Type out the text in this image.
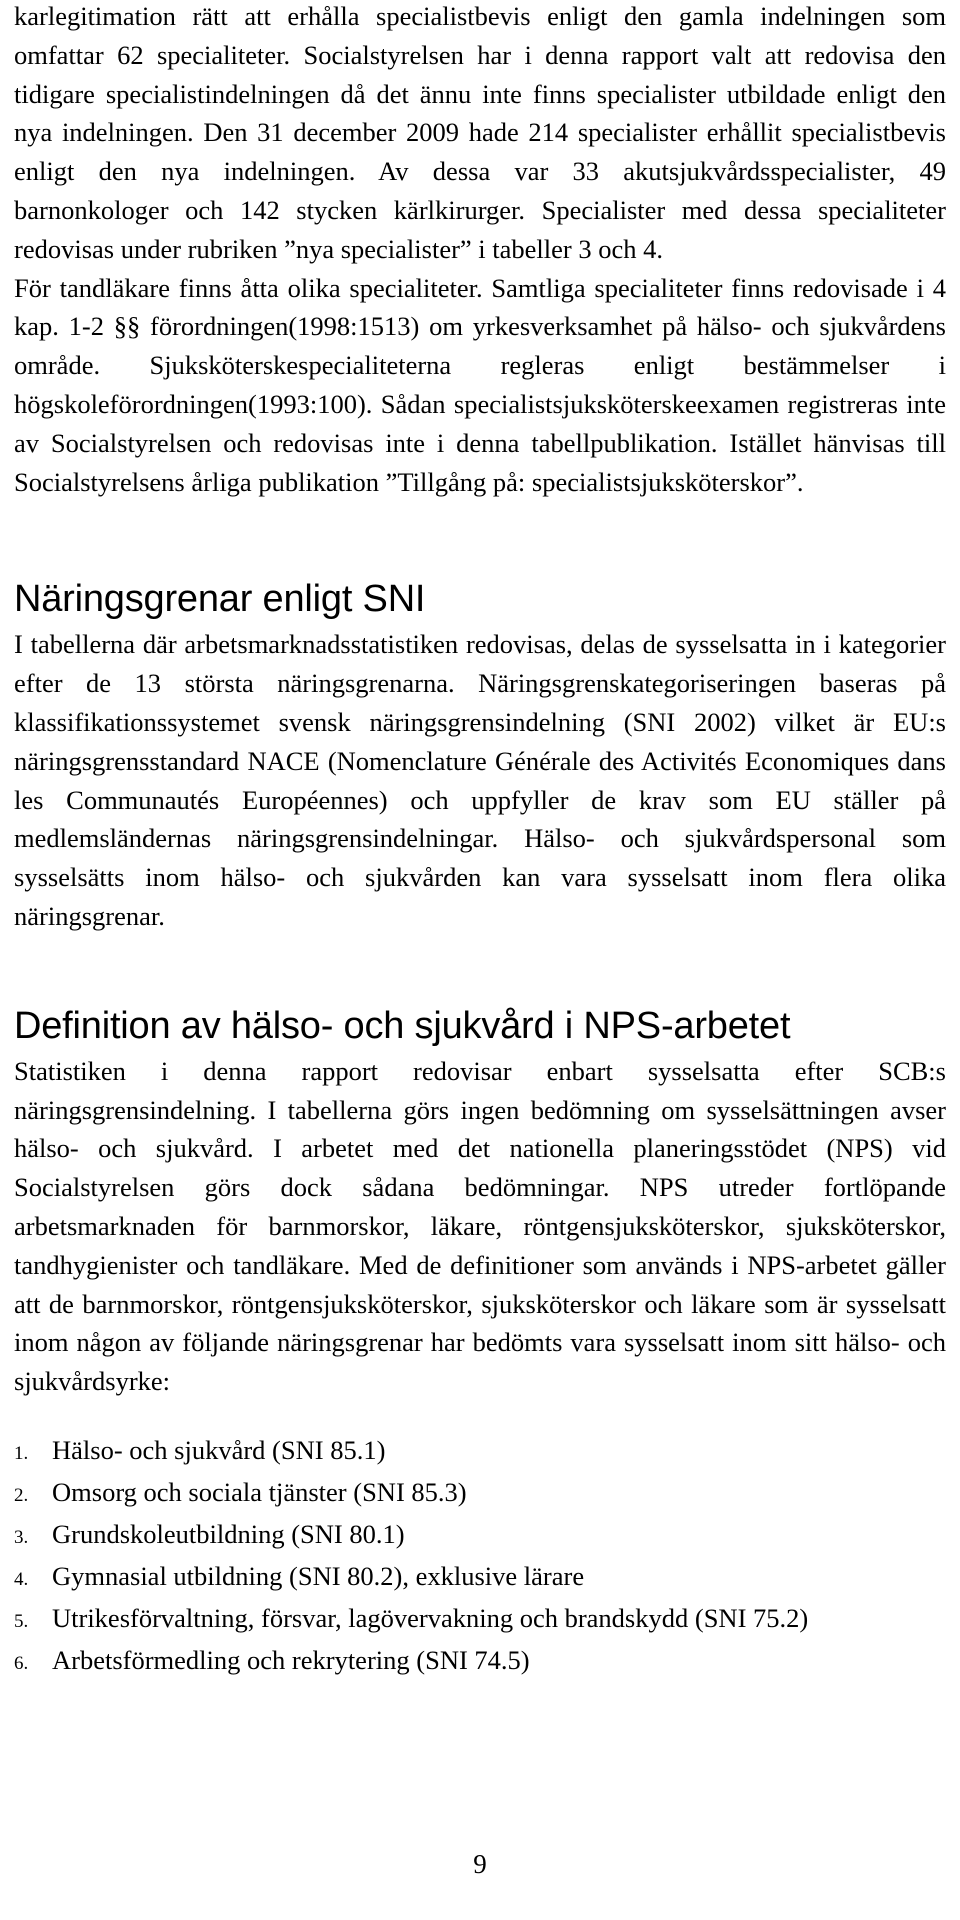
karlegitimation rätt att erhålla specialistbevis enligt den gamla indelningen som omfattar 62 specialiteter. Socialstyrelsen har i denna rapport valt att redovisa den tidigare specialistindelningen då det ännu inte finns specialister utbildade enligt den nya indelningen. Den 31 december 2009 hade 214 specialister erhållit specialistbevis enligt den nya indelningen. Av dessa var 33 akutsjukvårdsspecialister, 49 barnonkologer och 142 stycken kärlkirurger. Specialister med dessa specialiteter redovisas under rubriken ”nya specialister” i tabeller 3 och 4.

För tandläkare finns åtta olika specialiteter. Samtliga specialiteter finns redovisade i 4 kap. 1-2 §§ förordningen(1998:1513) om yrkesverksamhet på hälso- och sjukvårdens område. Sjuksköterskespecialiteterna regleras enligt bestämmelser i högskoleförordningen(1993:100). Sådan specialistsjuksköterskeexamen registreras inte av Socialstyrelsen och redovisas inte i denna tabellpublikation. Istället hänvisas till Socialstyrelsens årliga publikation ”Tillgång på: specialistsjuksköterskor”.

Näringsgrenar enligt SNI

I tabellerna där arbetsmarknadsstatistiken redovisas, delas de sysselsatta in i kategorier efter de 13 största näringsgrenarna. Näringsgrenskategoriseringen baseras på klassifikationssystemet svensk näringsgrensindelning (SNI 2002) vilket är EU:s näringsgrensstandard NACE (Nomenclature Générale des Activités Economiques dans les Communautés Européennes) och uppfyller de krav som EU ställer på medlemsländernas näringsgrensindelningar. Hälso- och sjukvårdspersonal som sysselsätts inom hälso- och sjukvården kan vara sysselsatt inom flera olika näringsgrenar.

Definition av hälso- och sjukvård i NPS-arbetet

Statistiken i denna rapport redovisar enbart sysselsatta efter SCB:s näringsgrensindelning. I tabellerna görs ingen bedömning om sysselsättningen avser hälso- och sjukvård. I arbetet med det nationella planeringsstödet (NPS) vid Socialstyrelsen görs dock sådana bedömningar. NPS utreder fortlöpande arbetsmarknaden för barnmorskor, läkare, röntgensjuksköterskor, sjuksköterskor, tandhygienister och tandläkare. Med de definitioner som används i NPS-arbetet gäller att de barnmorskor, röntgensjuksköterskor, sjuksköterskor och läkare som är sysselsatt inom någon av följande näringsgrenar har bedömts vara sysselsatt inom sitt hälso- och sjukvårdsyrke:

1. Hälso- och sjukvård (SNI 85.1)
2. Omsorg och sociala tjänster (SNI 85.3)
3. Grundskoleutbildning (SNI 80.1)
4. Gymnasial utbildning (SNI 80.2), exklusive lärare
5. Utrikesförvaltning, försvar, lagövervakning och brandskydd (SNI 75.2)
6. Arbetsförmedling och rekrytering (SNI 74.5)
9
